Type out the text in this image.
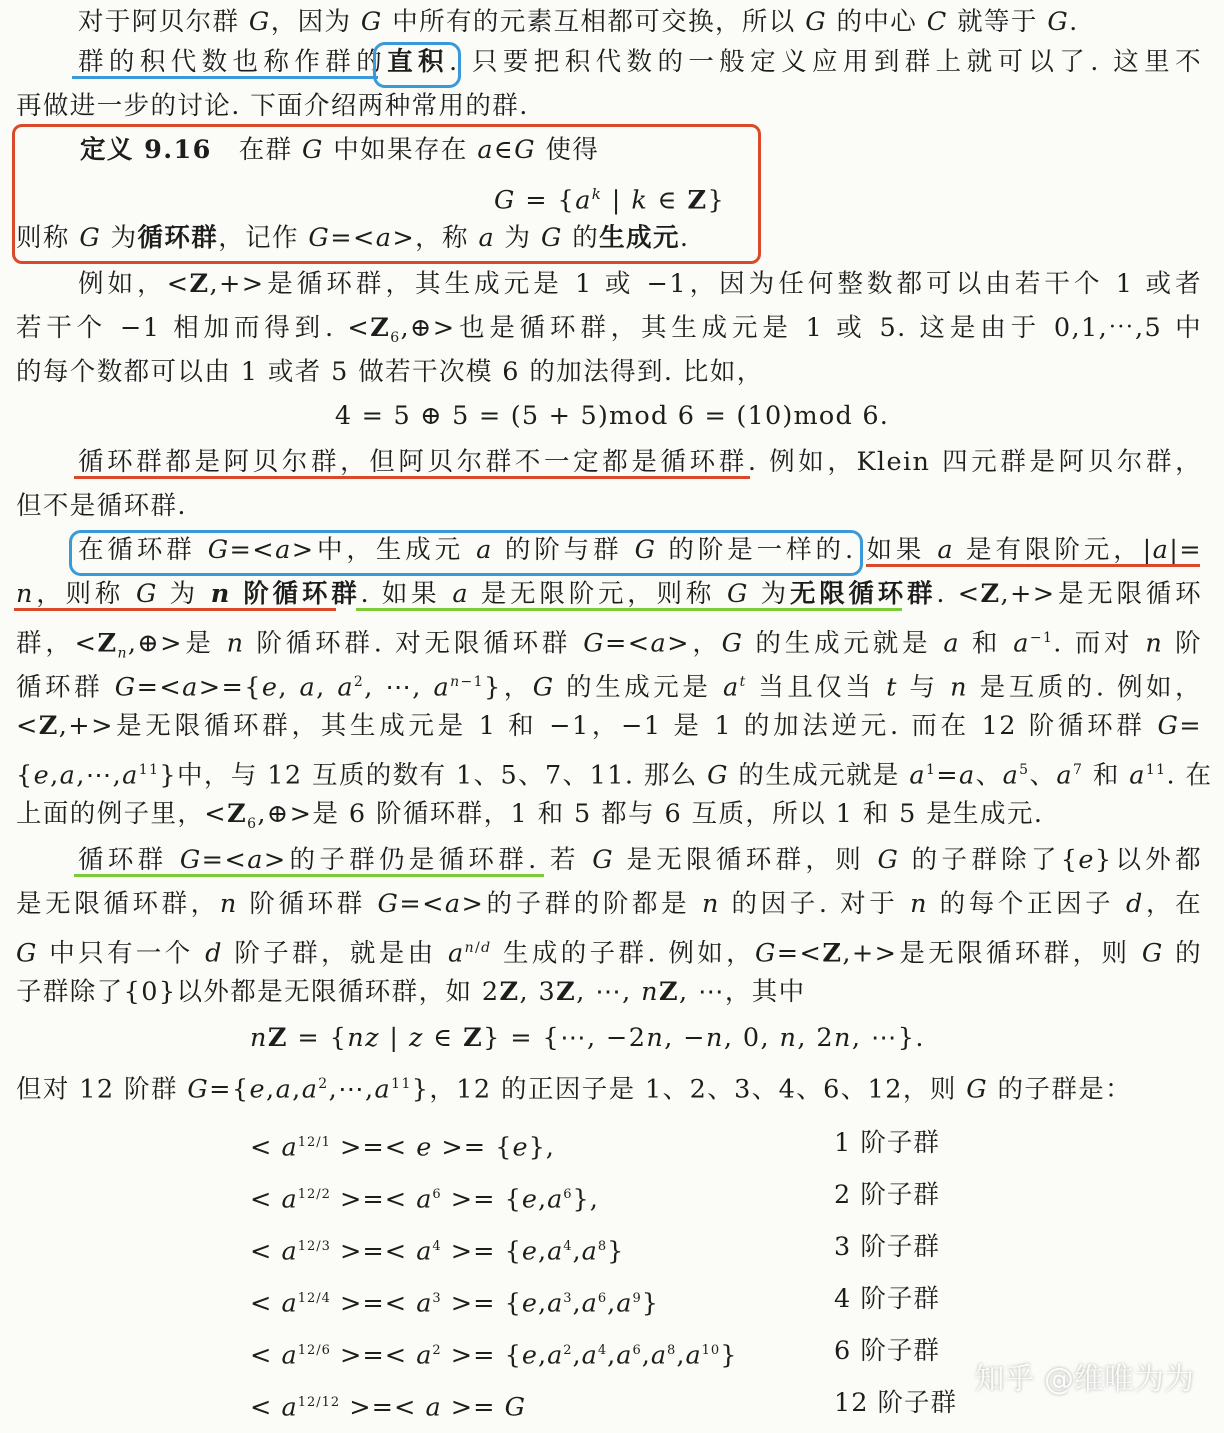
对于阿贝尔群 G，因为 G 中所有的元素互相都可交换，所以 G 的中心 C 就等于 G.
群的积代数也称作群的直积. 只要把积代数的一般定义应用到群上就可以了. 这里不
再做进一步的讨论. 下面介绍两种常用的群.
定义 9.16　在群 G 中如果存在 a∈G 使得
$G = \{a^k$ | k ∈ Z}
则称 G 为循环群，记作 G=<a>，称 a 为 G 的生成元.
例如，<Z,+>是循环群，其生成元是 1 或 −1，因为任何整数都可以由若干个 1 或者
若干个 −1 相加而得到. $<Z_6,\oplus>$也是循环群，其生成元是 1 或 5. 这是由于 0,1,⋯,5 中
的每个数都可以由 1 或者 5 做若干次模 6 的加法得到. 比如，
4 = 5 ⊕ 5 = (5 + 5)mod 6 = (10)mod 6.
循环群都是阿贝尔群，但阿贝尔群不一定都是循环群. 例如，Klein 四元群是阿贝尔群，
但不是循环群.
在循环群 G=<a>中，生成元 a 的阶与群 G 的阶是一样的. 如果 a 是有限阶元，|a|=
n，则称 G 为 n 阶循环群. 如果 a 是无限阶元，则称 G 为无限循环群. <Z,+>是无限循环
群，$<Z_n,\oplus>$是 n 阶循环群. 对无限循环群 G=<a>，G 的生成元就是 a 和 $a^{-1}$. 而对 n 阶
循环群 G=<a>={e, a, $a^2$, ⋯, $a^{n-1}$}，G 的生成元是 $a^t$ 当且仅当 t 与 n 是互质的. 例如，
<Z,+>是无限循环群，其生成元是 1 和 −1，−1 是 1 的加法逆元. 而在 12 阶循环群 G=
$\{e,a,\cdots,a^{11}\}$中，与 12 互质的数有 1、5、7、11. 那么 G 的生成元就是 $a^1=a$、$a^5$、$a^7$ 和 $a^{11}$. 在
上面的例子里，$<Z_6,\oplus>$是 6 阶循环群，1 和 5 都与 6 互质，所以 1 和 5 是生成元.
循环群 G=<a>的子群仍是循环群. 若 G 是无限循环群，则 G 的子群除了{e}以外都
是无限循环群，n 阶循环群 G=<a>的子群的阶都是 n 的因子. 对于 n 的每个正因子 d，在
G 中只有一个 d 阶子群，就是由 $a^{n/d}$ 生成的子群. 例如，G=<Z,+>是无限循环群，则 G 的
子群除了{0}以外都是无限循环群，如 2Z, 3Z, ⋯, nZ, ⋯，其中
nZ = {nz | z ∈ Z} = {⋯, −2n, −n, 0, n, 2n, ⋯}.
但对 12 阶群 $G=\{e,a,a^2,\cdots,a^{11}\}$，12 的正因子是 1、2、3、4、6、12，则 G 的子群是：
< $a^{12/1}$ >=< e >= {e},	1 阶子群
< $a^{12/2}$ >=< $a^6 >= \{e,a^6\}$,	2 阶子群
< $a^{12/3}$ >=< $a^4 >= \{e,a^4,a^8\}$	3 阶子群
< $a^{12/4}$ >=< $a^3 >= \{e,a^3,a^6,a^9\}$	4 阶子群
< $a^{12/6}$ >=< $a^2 >= \{e,a^2,a^4,a^6,a^8,a^{10}\}$	6 阶子群
< $a^{12/12}$ >=< a >= G	12 阶子群
知乎 @维唯为为
